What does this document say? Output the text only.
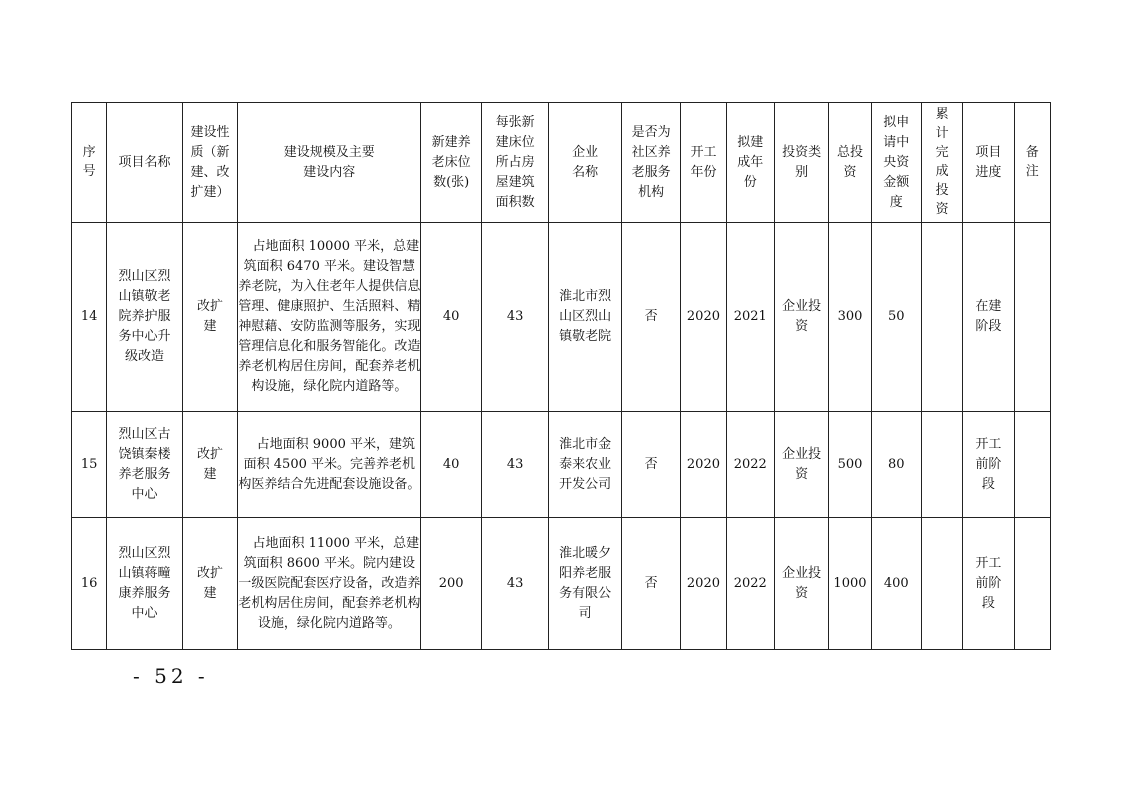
序号	项目名称	建设性质（新建、改扩建）	建设规模及主要建设内容	新建养老床位数(张)	每张新建床位所占房屋建筑面积数	企业名称	是否为社区养老服务机构	开工年份	拟建成年份	投资类别	总投资	拟申请中央资金额度	累计完成投资	项目进度	备注
14	烈山区烈山镇敬老院养护服务中心升级改造	改扩建	占地面积 10000 平米，总建筑面积 6470 平米。建设智慧养老院，为入住老年人提供信息管理、健康照护、生活照料、精神慰藉、安防监测等服务，实现管理信息化和服务智能化。改造养老机构居住房间，配套养老机构设施，绿化院内道路等。	40	43	淮北市烈山区烈山镇敬老院	否	2020	2021	企业投资	300	50		在建阶段	
15	烈山区古饶镇秦楼养老服务中心	改扩建	占地面积 9000 平米，建筑面积 4500 平米。完善养老机构医养结合先进配套设施设备。	40	43	淮北市金泰来农业开发公司	否	2020	2022	企业投资	500	80		开工前阶段	
16	烈山区烈山镇蒋疃康养服务中心	改扩建	占地面积 11000 平米，总建筑面积 8600 平米。院内建设一级医院配套医疗设备，改造养老机构居住房间，配套养老机构设施，绿化院内道路等。	200	43	淮北暖夕阳养老服务有限公司	否	2020	2022	企业投资	1000	400		开工前阶段	
- 52 -
